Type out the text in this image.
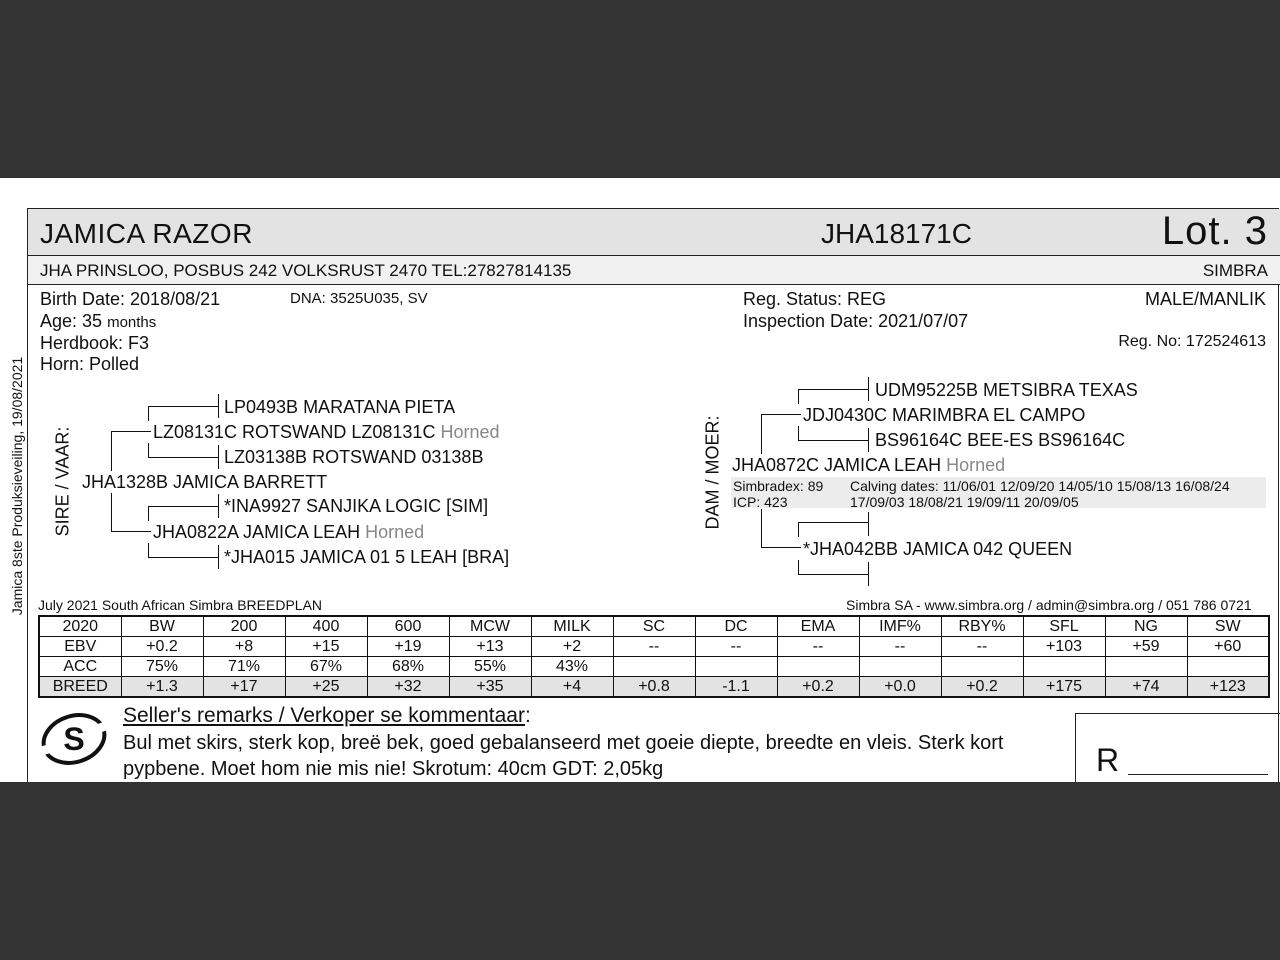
Jamica 8ste Produksieveiling, 19/08/2021
JAMICA RAZOR	JHA18171C	Lot. 3
JHA PRINSLOO, POSBUS 242 VOLKSRUST 2470 TEL:27827814135	SIMBRA
Birth Date: 2018/08/21	DNA: 3525U035, SV
Age: 35 months
Herdbook: F3
Horn: Polled
Reg. Status: REG
Inspection Date: 2021/07/07
MALE/MANLIK
Reg. No: 172524613
SIRE / VAAR: JHA1328B JAMICA BARRETT
LZ08131C ROTSWAND LZ08131C Horned
LP0493B MARATANA PIETA
LZ03138B ROTSWAND 03138B
JHA0822A JAMICA LEAH Horned
*INA9927 SANJIKA LOGIC [SIM]
*JHA015 JAMICA 01 5 LEAH [BRA]
DAM / MOER: JHA0872C JAMICA LEAH Horned
JDJ0430C MARIMBRA EL CAMPO
UDM95225B METSIBRA TEXAS
BS96164C BEE-ES BS96164C
Simbradex: 89
ICP: 423
Calving dates: 11/06/01 12/09/20 14/05/10 15/08/13 16/08/24
17/09/03 18/08/21 19/09/11 20/09/05
*JHA042BB JAMICA 042 QUEEN
July 2021 South African Simbra BREEDPLAN	Simbra SA - www.simbra.org / admin@simbra.org / 051 786 0721
2020	BW	200	400	600	MCW	MILK	SC	DC	EMA	IMF%	RBY%	SFL	NG	SW
EBV	+0.2	+8	+15	+19	+13	+2	--	--	--	--	--	+103	+59	+60
ACC	75%	71%	67%	68%	55%	43%								
BREED	+1.3	+17	+25	+32	+35	+4	+0.8	-1.1	+0.2	+0.0	+0.2	+175	+74	+123
S
Seller's remarks / Verkoper se kommentaar:
Bul met skirs, sterk kop, breë bek, goed gebalanseerd met goeie diepte, breedte en vleis. Sterk kort pypbene. Moet hom nie mis nie! Skrotum: 40cm GDT: 2,05kg	R
